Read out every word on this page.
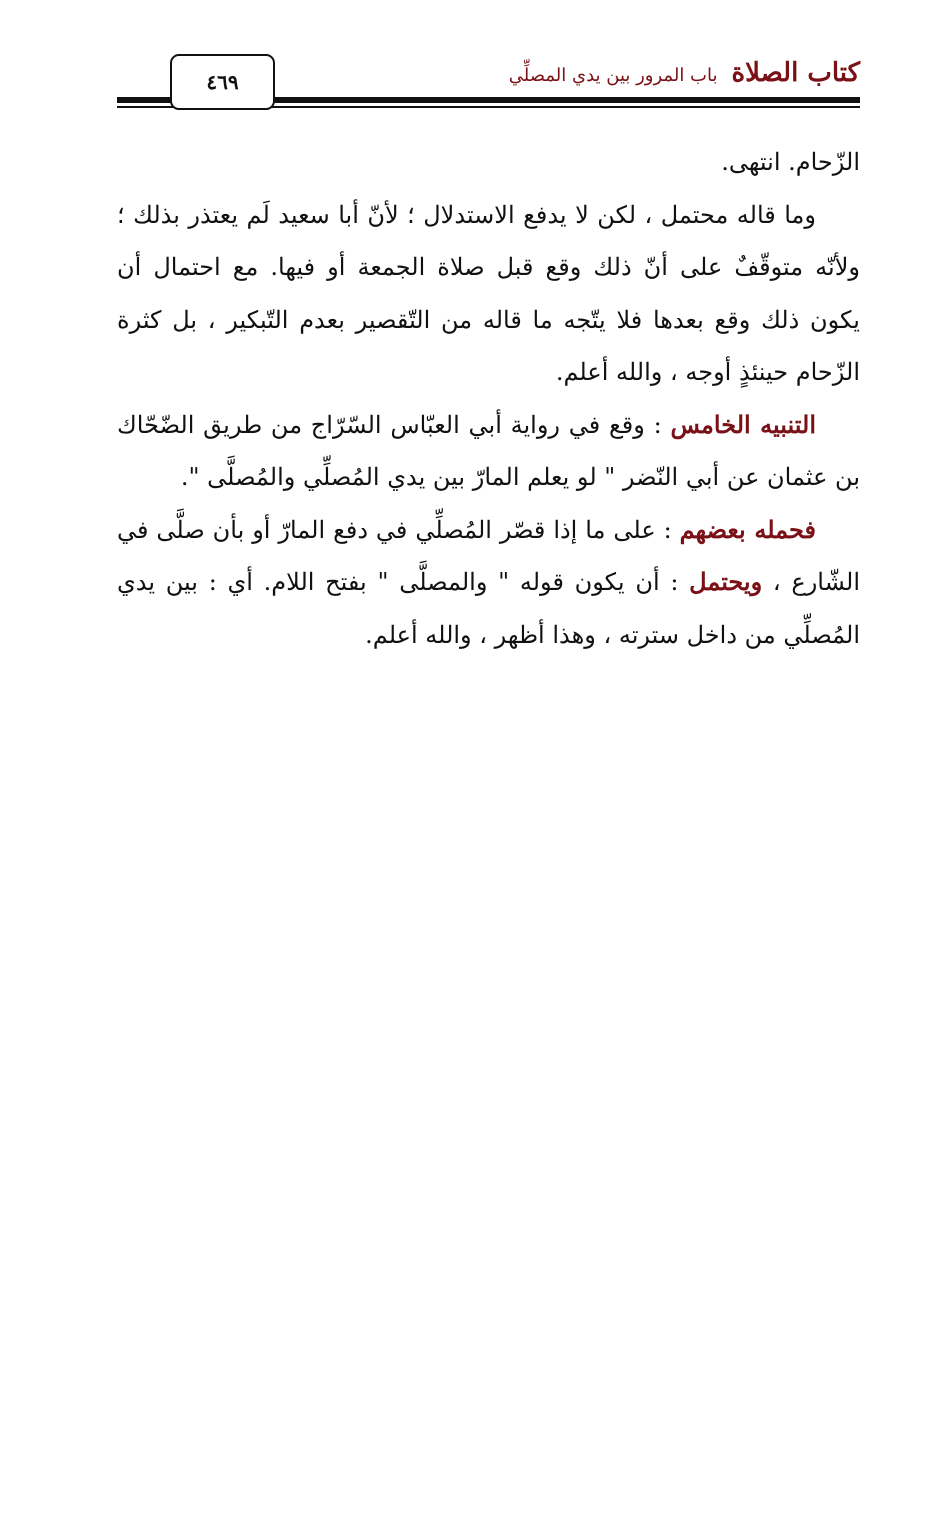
كتاب الصلاةباب المرور بين يدي المصلِّي
٤٦٩

الزّحام. انتهى.

وما قاله محتمل ، لكن لا يدفع الاستدلال ؛ لأنّ أبا سعيد لَم يعتذر بذلك ؛ ولأنّه متوقّفٌ على أنّ ذلك وقع قبل صلاة الجمعة أو فيها. مع احتمال أن يكون ذلك وقع بعدها فلا يتّجه ما قاله من التّقصير بعدم التّبكير ، بل كثرة الزّحام حينئذٍ أوجه ، والله أعلم.

التنبيه الخامس : وقع في رواية أبي العبّاس السّرّاج من طريق الضّحّاك بن عثمان عن أبي النّضر " لو يعلم المارّ بين يدي المُصلِّي والمُصلَّى ".

فحمله بعضهم : على ما إذا قصّر المُصلِّي في دفع المارّ أو بأن صلَّى في الشّارع ، ويحتمل : أن يكون قوله " والمصلَّى " بفتح اللام. أي : بين يدي المُصلِّي من داخل سترته ، وهذا أظهر ، والله أعلم.
